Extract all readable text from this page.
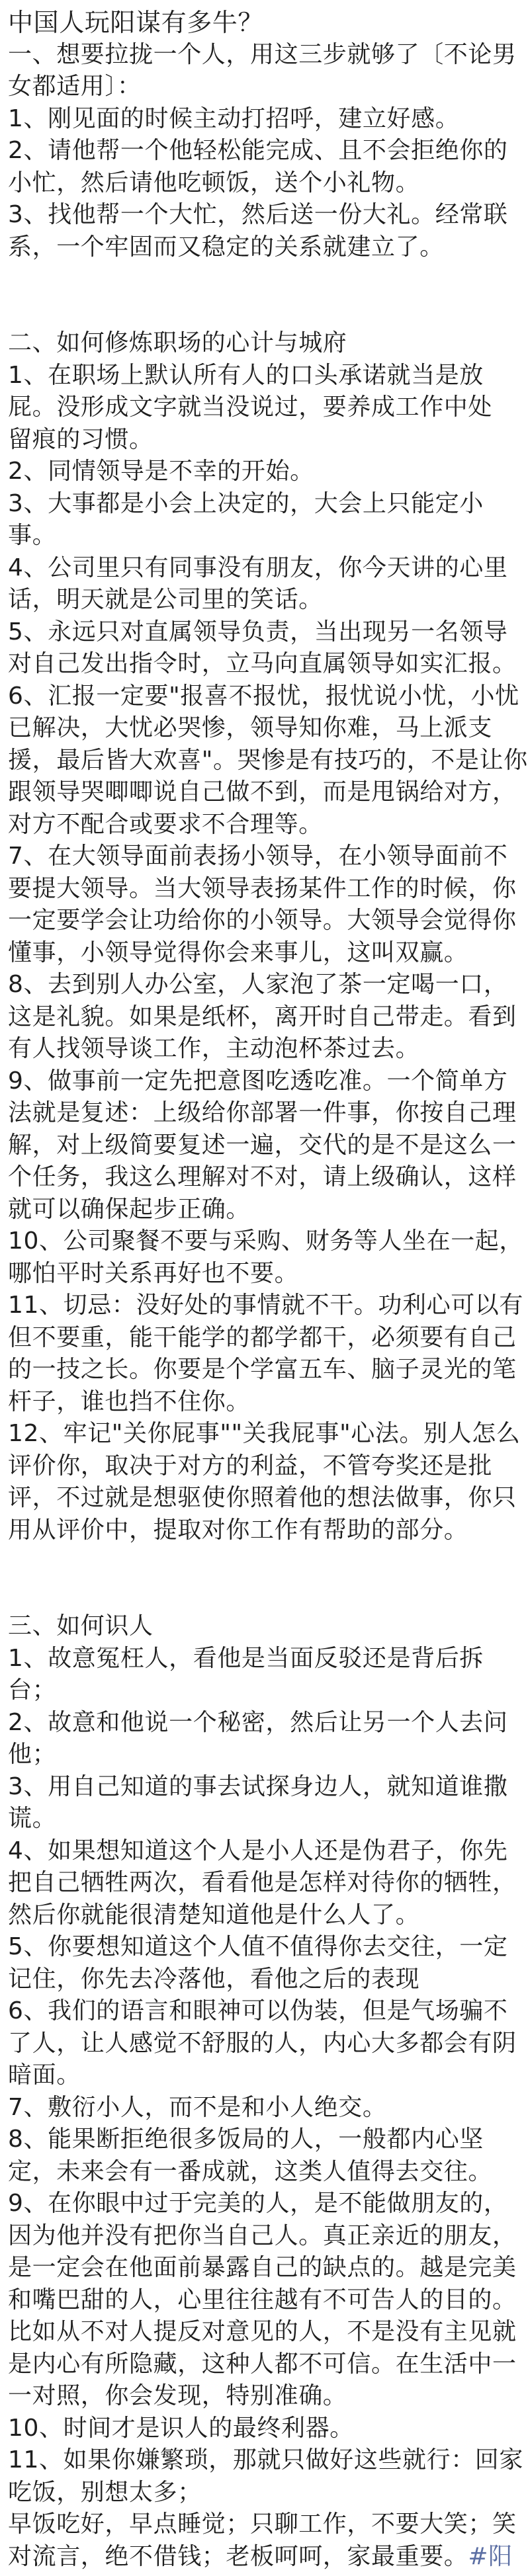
中国人玩阳谋有多牛？
一、想要拉拢一个人，用这三步就够了〔不论男
女都适用〕：
1、刚见面的时候主动打招呼，建立好感。
2、请他帮一个他轻松能完成、且不会拒绝你的
小忙，然后请他吃顿饭，送个小礼物。
3、找他帮一个大忙，然后送一份大礼。经常联
系，一个牢固而又稳定的关系就建立了。
二、如何修炼职场的心计与城府
1、在职场上默认所有人的口头承诺就当是放
屁。没形成文字就当没说过，要养成工作中处
留痕的习惯。
2、同情领导是不幸的开始。
3、大事都是小会上决定的，大会上只能定小
事。
4、公司里只有同事没有朋友，你今天讲的心里
话，明天就是公司里的笑话。
5、永远只对直属领导负责，当出现另一名领导
对自己发出指令时，立马向直属领导如实汇报。
6、汇报一定要"报喜不报忧，报忧说小忧，小忧
已解决，大忧必哭惨，领导知你难，马上派支
援，最后皆大欢喜"。哭惨是有技巧的，不是让你
跟领导哭唧唧说自己做不到，而是甩锅给对方，
对方不配合或要求不合理等。
7、在大领导面前表扬小领导，在小领导面前不
要提大领导。当大领导表扬某件工作的时候，你
一定要学会让功给你的小领导。大领导会觉得你
懂事，小领导觉得你会来事儿，这叫双赢。
8、去到别人办公室，人家泡了茶一定喝一口，
这是礼貌。如果是纸杯，离开时自己带走。看到
有人找领导谈工作，主动泡杯茶过去。
9、做事前一定先把意图吃透吃准。一个简单方
法就是复述：上级给你部署一件事，你按自己理
解，对上级简要复述一遍，交代的是不是这么一
个任务，我这么理解对不对，请上级确认，这样
就可以确保起步正确。
10、公司聚餐不要与采购、财务等人坐在一起，
哪怕平时关系再好也不要。
11、切忌：没好处的事情就不干。功利心可以有
但不要重，能干能学的都学都干，必须要有自己
的一技之长。你要是个学富五车、脑子灵光的笔
杆子，谁也挡不住你。
12、牢记"关你屁事""关我屁事"心法。别人怎么
评价你，取决于对方的利益，不管夸奖还是批
评，不过就是想驱使你照着他的想法做事，你只
用从评价中，提取对你工作有帮助的部分。
三、如何识人
1、故意冤枉人，看他是当面反驳还是背后拆
台；
2、故意和他说一个秘密，然后让另一个人去问
他；
3、用自己知道的事去试探身边人，就知道谁撒
谎。
4、如果想知道这个人是小人还是伪君子，你先
把自己牺牲两次，看看他是怎样对待你的牺牲，
然后你就能很清楚知道他是什么人了。
5、你要想知道这个人值不值得你去交往，一定
记住，你先去冷落他，看他之后的表现
6、我们的语言和眼神可以伪装，但是气场骗不
了人，让人感觉不舒服的人，内心大多都会有阴
暗面。
7、敷衍小人，而不是和小人绝交。
8、能果断拒绝很多饭局的人，一般都内心坚
定，未来会有一番成就，这类人值得去交往。
9、在你眼中过于完美的人，是不能做朋友的，
因为他并没有把你当自己人。真正亲近的朋友，
是一定会在他面前暴露自己的缺点的。越是完美
和嘴巴甜的人，心里往往越有不可告人的目的。
比如从不对人提反对意见的人，不是没有主见就
是内心有所隐藏，这种人都不可信。在生活中一
一对照，你会发现，特别准确。
10、时间才是识人的最终利器。
11、如果你嫌繁琐，那就只做好这些就行：回家
吃饭，别想太多；
早饭吃好，早点睡觉；只聊工作，不要大笑；笑
对流言，绝不借钱；老板呵呵，家最重要。#阳
